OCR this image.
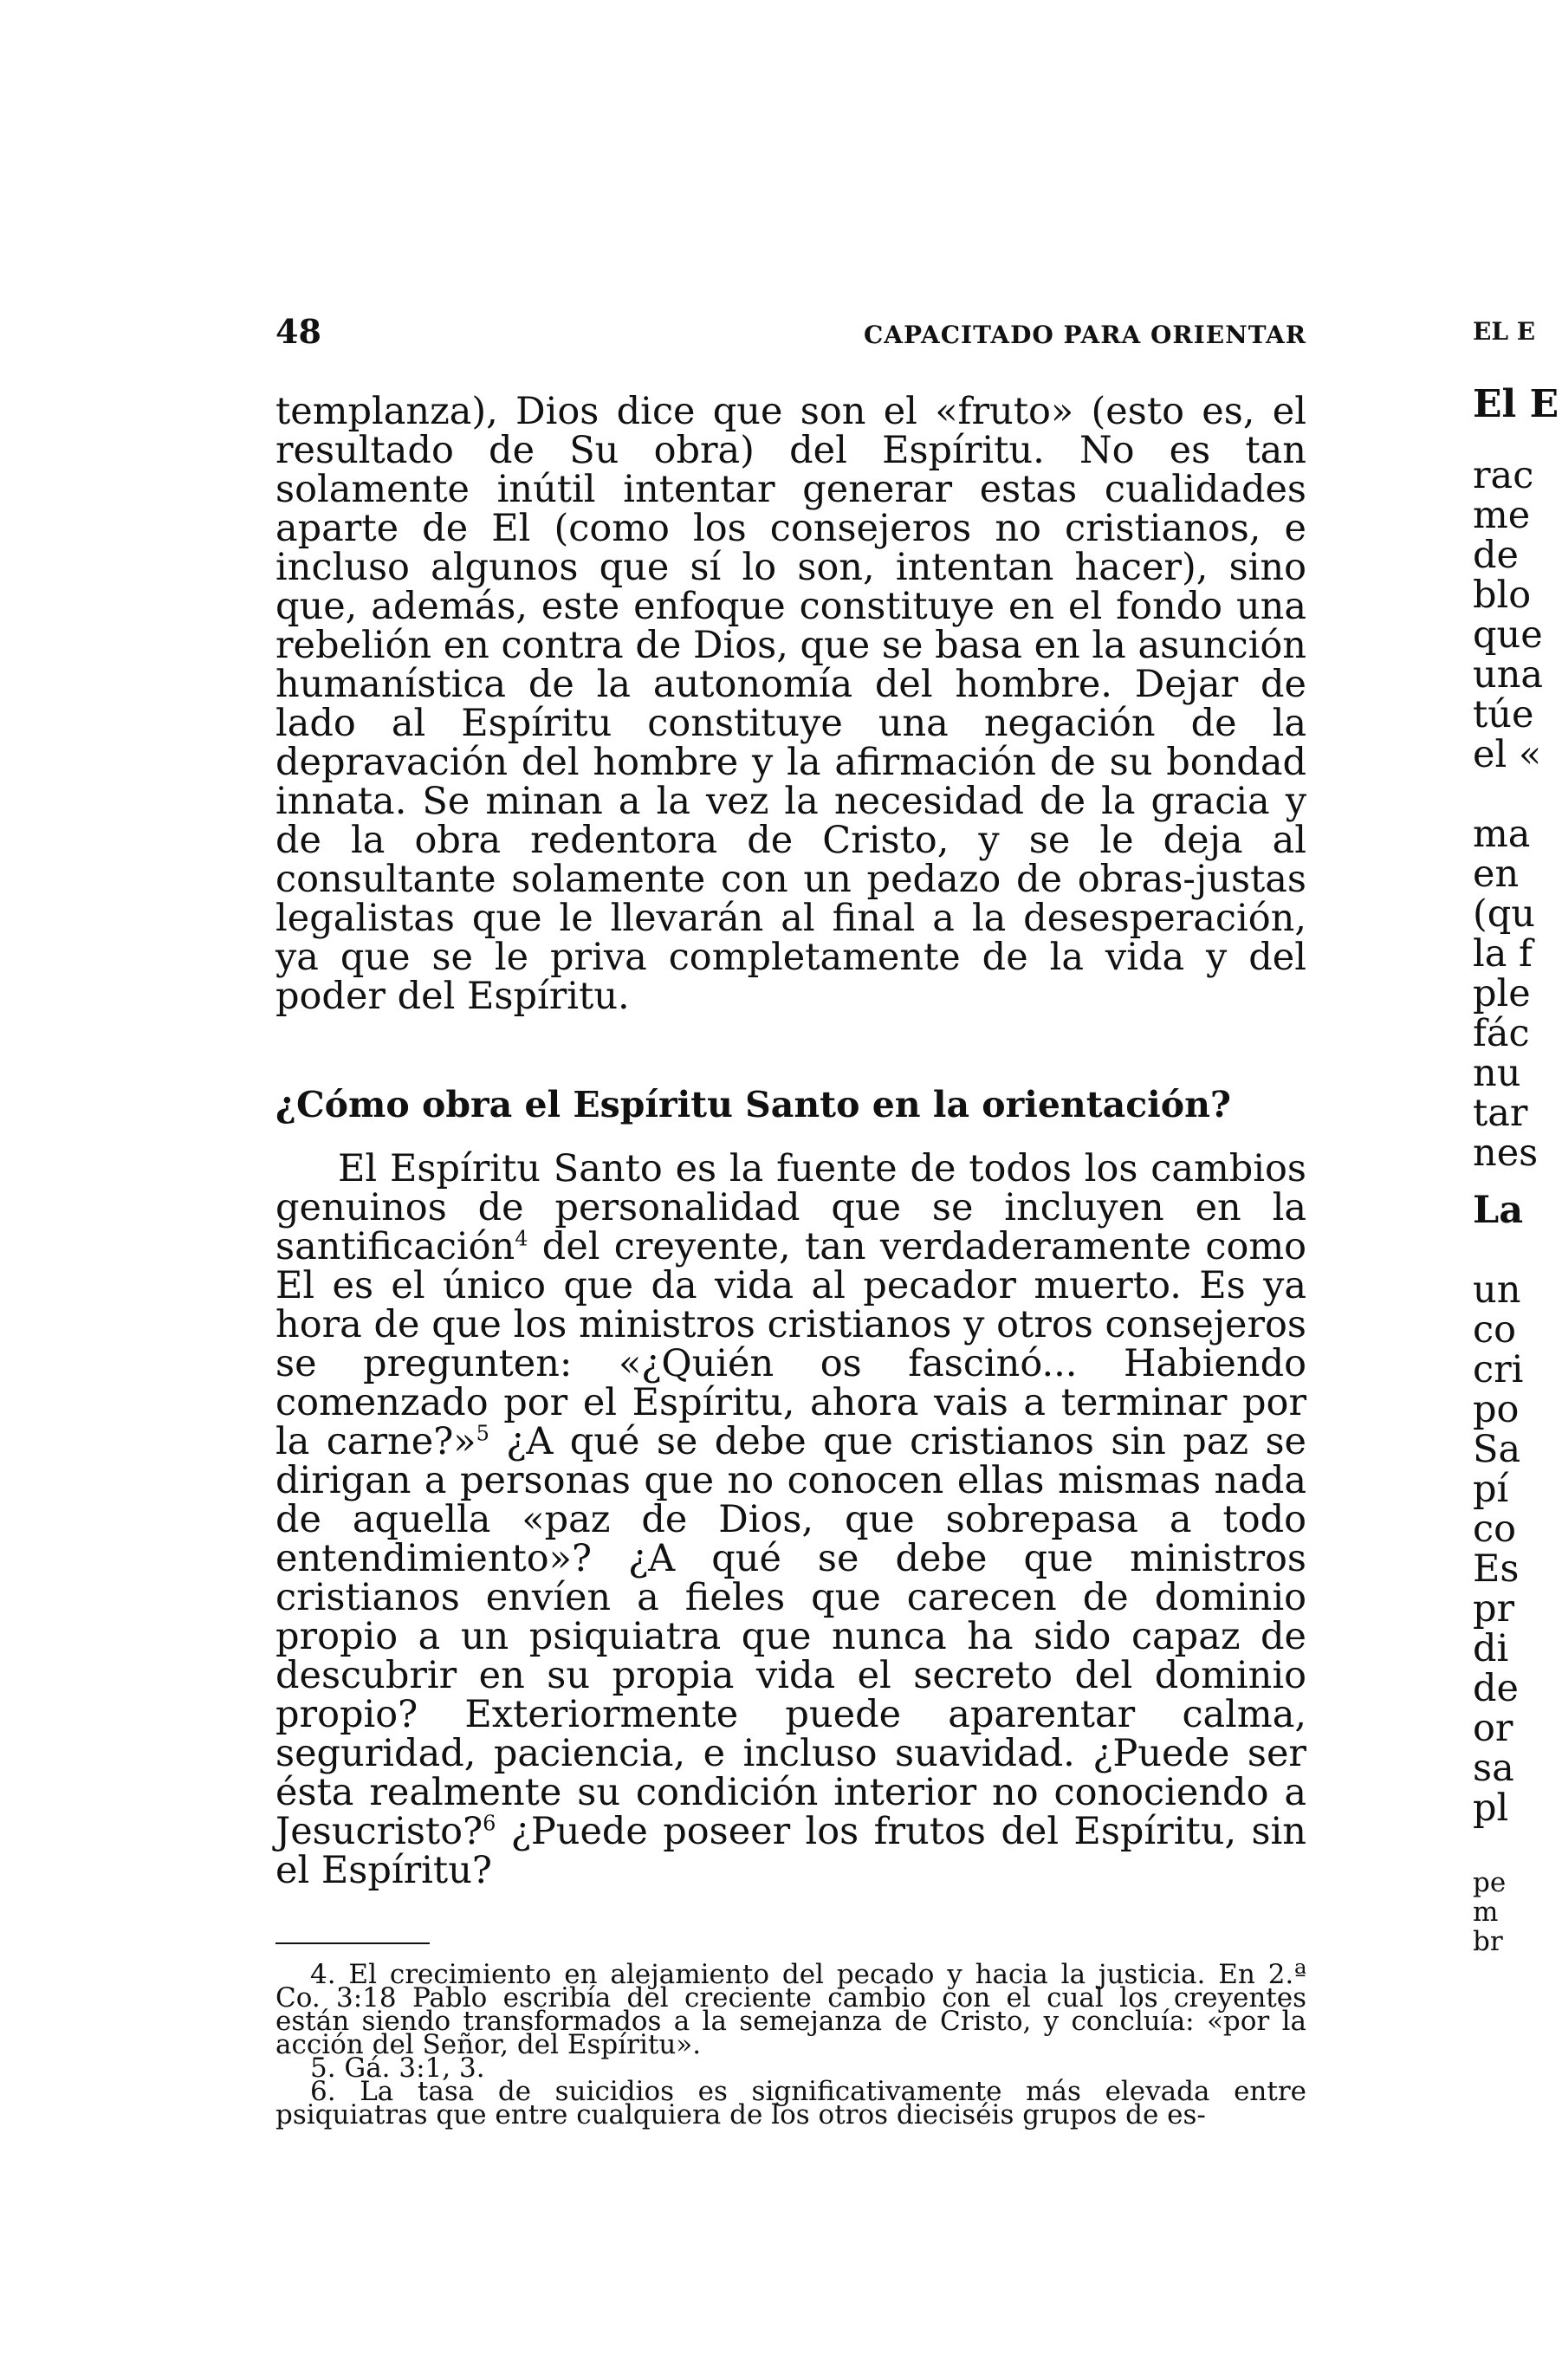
48	CAPACITADO PARA ORIENTAR

templanza), Dios dice que son el «fruto» (esto es, el resultado de Su obra) del Espíritu. No es tan solamente inútil intentar generar estas cualidades aparte de El (como los consejeros no cristianos, e incluso algunos que sí lo son, intentan hacer), sino que, además, este enfoque constituye en el fondo una rebelión en contra de Dios, que se basa en la asunción humanística de la autonomía del hombre. Dejar de lado al Espíritu constituye una negación de la depravación del hombre y la afirmación de su bondad innata. Se minan a la vez la necesidad de la gracia y de la obra redentora de Cristo, y se le deja al consultante solamente con un pedazo de obras-justas legalistas que le llevarán al final a la desesperación, ya que se le priva completamente de la vida y del poder del Espíritu.

¿Cómo obra el Espíritu Santo en la orientación?

El Espíritu Santo es la fuente de todos los cambios genuinos de personalidad que se incluyen en la santificación$^4$ del creyente, tan verdaderamente como El es el único que da vida al pecador muerto. Es ya hora de que los ministros cristianos y otros consejeros se pregunten: «¿Quién os fascinó... Habiendo comenzado por el Espíritu, ahora vais a terminar por la carne?»$^5$ ¿A qué se debe que cristianos sin paz se dirigan a personas que no conocen ellas mismas nada de aquella «paz de Dios, que sobrepasa a todo entendimiento»? ¿A qué se debe que ministros cristianos envíen a fieles que carecen de dominio propio a un psiquiatra que nunca ha sido capaz de descubrir en su propia vida el secreto del dominio propio? Exteriormente puede aparentar calma, seguridad, paciencia, e incluso suavidad. ¿Puede ser ésta realmente su condición interior no conociendo a Jesucristo?$^6$ ¿Puede poseer los frutos del Espíritu, sin el Espíritu?

4. El crecimiento en alejamiento del pecado y hacia la justicia. En 2.ª Co. 3:18 Pablo escribía del creciente cambio con el cual los creyentes están siendo transformados a la semejanza de Cristo, y concluía: «por la acción del Señor, del Espíritu».

5. Gá. 3:1, 3.

6. La tasa de suicidios es significativamente más elevada entre psiquiatras que entre cualquiera de los otros dieciséis grupos de es-

EL E
El E
rac
me
de
blo
que
una
túe
el «
ma
en
(qu
la f
ple
fác
nu
tar
nes
La
un
co
cri
po
Sa
pí
co
Es
pr
di
de
or
sa
pl
pe
m
br
